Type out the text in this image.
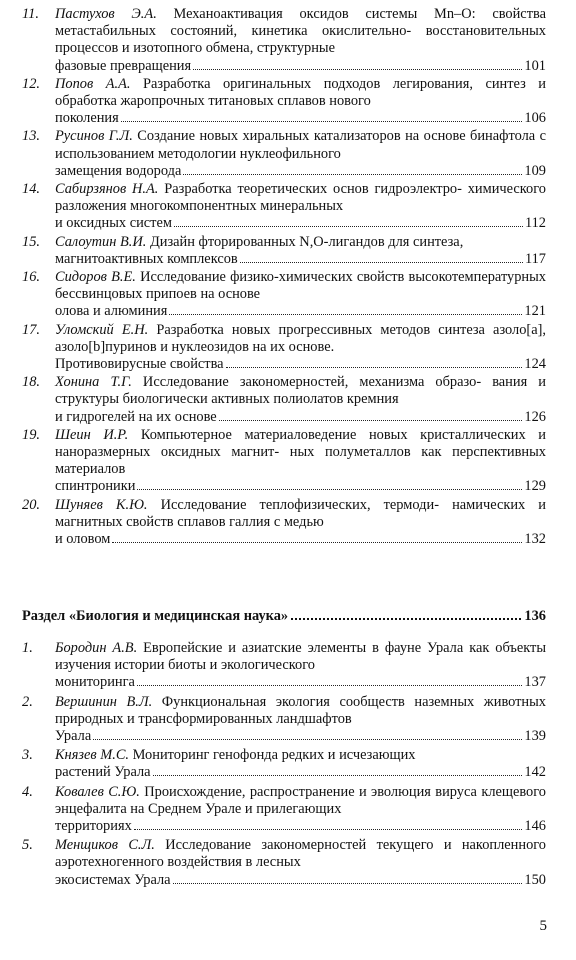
11. Пастухов Э.А. Механоактивация оксидов системы Mn–O: свойства метастабильных состояний, кинетика окислительно- восстановительных процессов и изотопного обмена, структурные
фазовые превращения	101

12. Попов А.А. Разработка оригинальных подходов легирования, синтез и обработка жаропрочных титановых сплавов нового
поколения	106

13. Русинов Г.Л. Создание новых хиральных катализаторов на основе бинафтола с использованием методологии нуклеофильного
замещения водорода	109

14. Сабирзянов Н.А. Разработка теоретических основ гидроэлектро- химического разложения многокомпонентных минеральных
и оксидных систем	112

15. Салоутин В.И. Дизайн фторированных N,O-лигандов для синтеза,
магнитоактивных комплексов	117

16. Сидоров В.Е. Исследование физико-химических свойств высокотемпературных бессвинцовых припоев на основе
олова и алюминия	121

17. Уломский Е.Н. Разработка новых прогрессивных методов синтеза азоло[a], азоло[b]пуринов и нуклеозидов на их основе.
Противовирусные свойства	124

18. Хонина Т.Г. Исследование закономерностей, механизма образо- вания и структуры биологически активных полиолатов кремния
и гидрогелей на их основе	126

19. Шеин И.Р. Компьютерное материаловедение новых кристаллических и наноразмерных оксидных магнит- ных полуметаллов как перспективных материалов
спинтроники	129

20. Шуняев К.Ю. Исследование теплофизических, термоди- намических и магнитных свойств сплавов галлия с медью
и оловом	132

Раздел «Биология и медицинская наука»	136

1. Бородин А.В. Европейские и азиатские элементы в фауне Урала как объекты изучения истории биоты и экологического
мониторинга	137

2. Вершинин В.Л. Функциональная экология сообществ наземных животных природных и трансформированных ландшафтов
Урала	139

3. Князев М.С. Мониторинг генофонда редких и исчезающих
растений Урала	142

4. Ковалев С.Ю. Происхождение, распространение и эволюция вируса клещевого энцефалита на Среднем Урале и прилегающих
территориях	146

5. Менщиков С.Л. Исследование закономерностей текущего и накопленного аэротехногенного воздействия в лесных
экосистемах Урала	150

5
